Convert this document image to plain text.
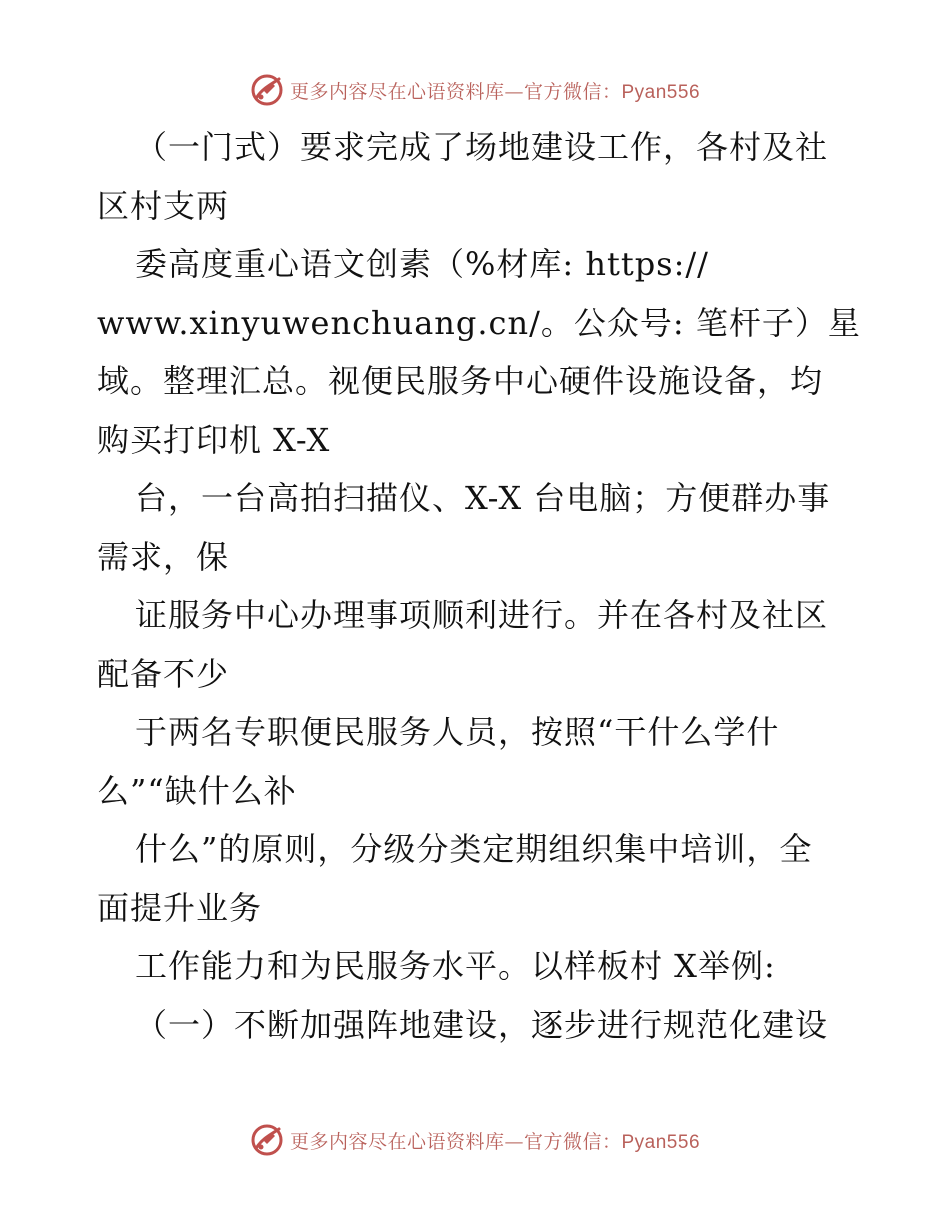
更多内容尽在心语资料库—官方微信：Pyan556

（一门式）要求完成了场地建设工作，各村及社

区村支两

委高度重心语文创素（%材库: https://

www.xinyuwenchuang.cn/。公众号: 笔杆子）星

域。整理汇总。视便民服务中心硬件设施设备，均

购买打印机 X-X

台，一台高拍扫描仪、X-X 台电脑；方便群办事

需求，保

证服务中心办理事项顺利进行。并在各村及社区

配备不少

于两名专职便民服务人员，按照“干什么学什

么”“缺什么补

什么”的原则，分级分类定期组织集中培训，全

面提升业务

工作能力和为民服务水平。以样板村 X举例:

（一）不断加强阵地建设，逐步进行规范化建设

更多内容尽在心语资料库—官方微信：Pyan556
